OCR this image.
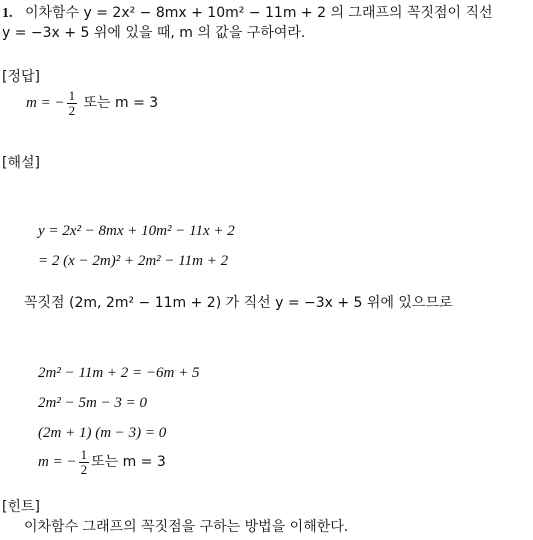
1. 이차함수 y = 2x² − 8mx + 10m² − 11m + 2 의 그래프의 꼭짓점이 직선
y = −3x + 5 위에 있을 때, m 의 값을 구하여라.
[정답]
m = − $\frac{1}{2}$ 또는 m = 3
[해설]
y = 2x² − 8mx + 10m² − 11x + 2
= 2 (x − 2m)² + 2m² − 11m + 2
꼭짓점 (2m, 2m² − 11m + 2) 가 직선 y = −3x + 5 위에 있으므로
2m² − 11m + 2 = −6m + 5
2m² − 5m − 3 = 0
(2m + 1) (m − 3) = 0
m = − $\frac{1}{2}$ 또는 m = 3
[힌트]
이차함수 그래프의 꼭짓점을 구하는 방법을 이해한다.
